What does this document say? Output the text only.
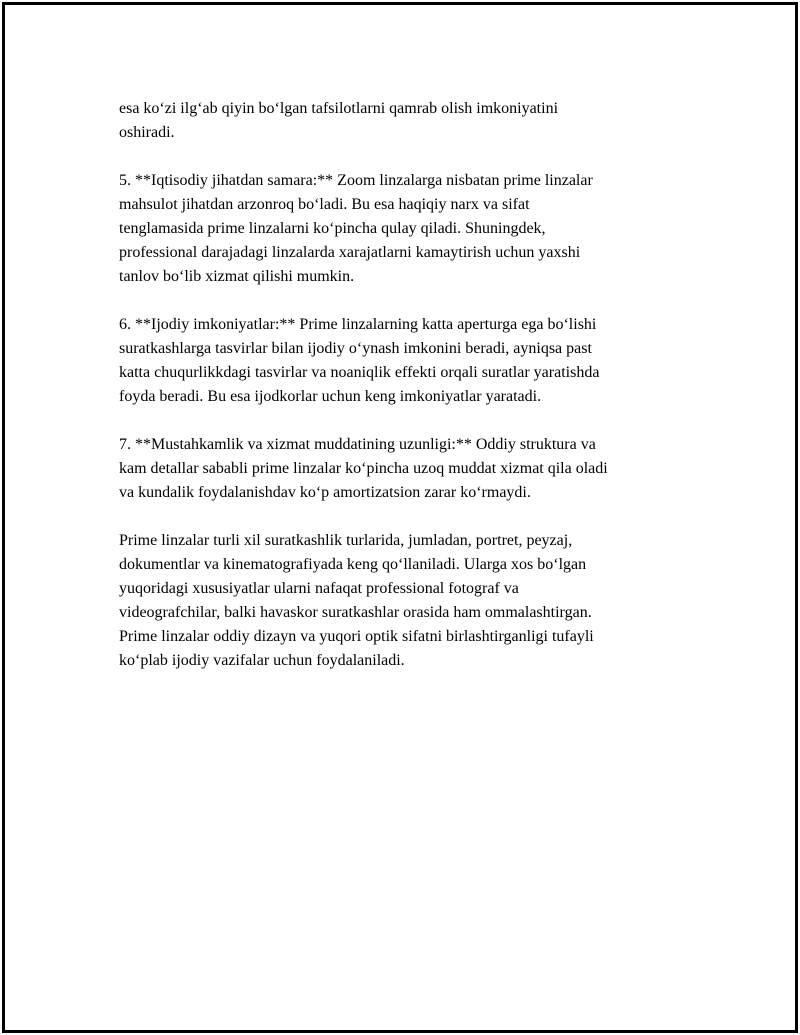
esa ko‘zi ilg‘ab qiyin bo‘lgan tafsilotlarni qamrab olish imkoniyatini
oshiradi.

5. **Iqtisodiy jihatdan samara:** Zoom linzalarga nisbatan prime linzalar
mahsulot jihatdan arzonroq bo‘ladi. Bu esa haqiqiy narx va sifat
tenglamasida prime linzalarni ko‘pincha qulay qiladi. Shuningdek,
professional darajadagi linzalarda xarajatlarni kamaytirish uchun yaxshi
tanlov bo‘lib xizmat qilishi mumkin.

6. **Ijodiy imkoniyatlar:** Prime linzalarning katta aperturga ega bo‘lishi
suratkashlarga tasvirlar bilan ijodiy o‘ynash imkonini beradi, ayniqsa past
katta chuqurlikkdagi tasvirlar va noaniqlik effekti orqali suratlar yaratishda
foyda beradi. Bu esa ijodkorlar uchun keng imkoniyatlar yaratadi.

7. **Mustahkamlik va xizmat muddatining uzunligi:** Oddiy struktura va
kam detallar sababli prime linzalar ko‘pincha uzoq muddat xizmat qila oladi
va kundalik foydalanishdav ko‘p amortizatsion zarar ko‘rmaydi.

Prime linzalar turli xil suratkashlik turlarida, jumladan, portret, peyzaj,
dokumentlar va kinematografiyada keng qo‘llaniladi. Ularga xos bo‘lgan
yuqoridagi xususiyatlar ularni nafaqat professional fotograf va
videografchilar, balki havaskor suratkashlar orasida ham ommalashtirgan.
Prime linzalar oddiy dizayn va yuqori optik sifatni birlashtirganligi tufayli
ko‘plab ijodiy vazifalar uchun foydalaniladi.
